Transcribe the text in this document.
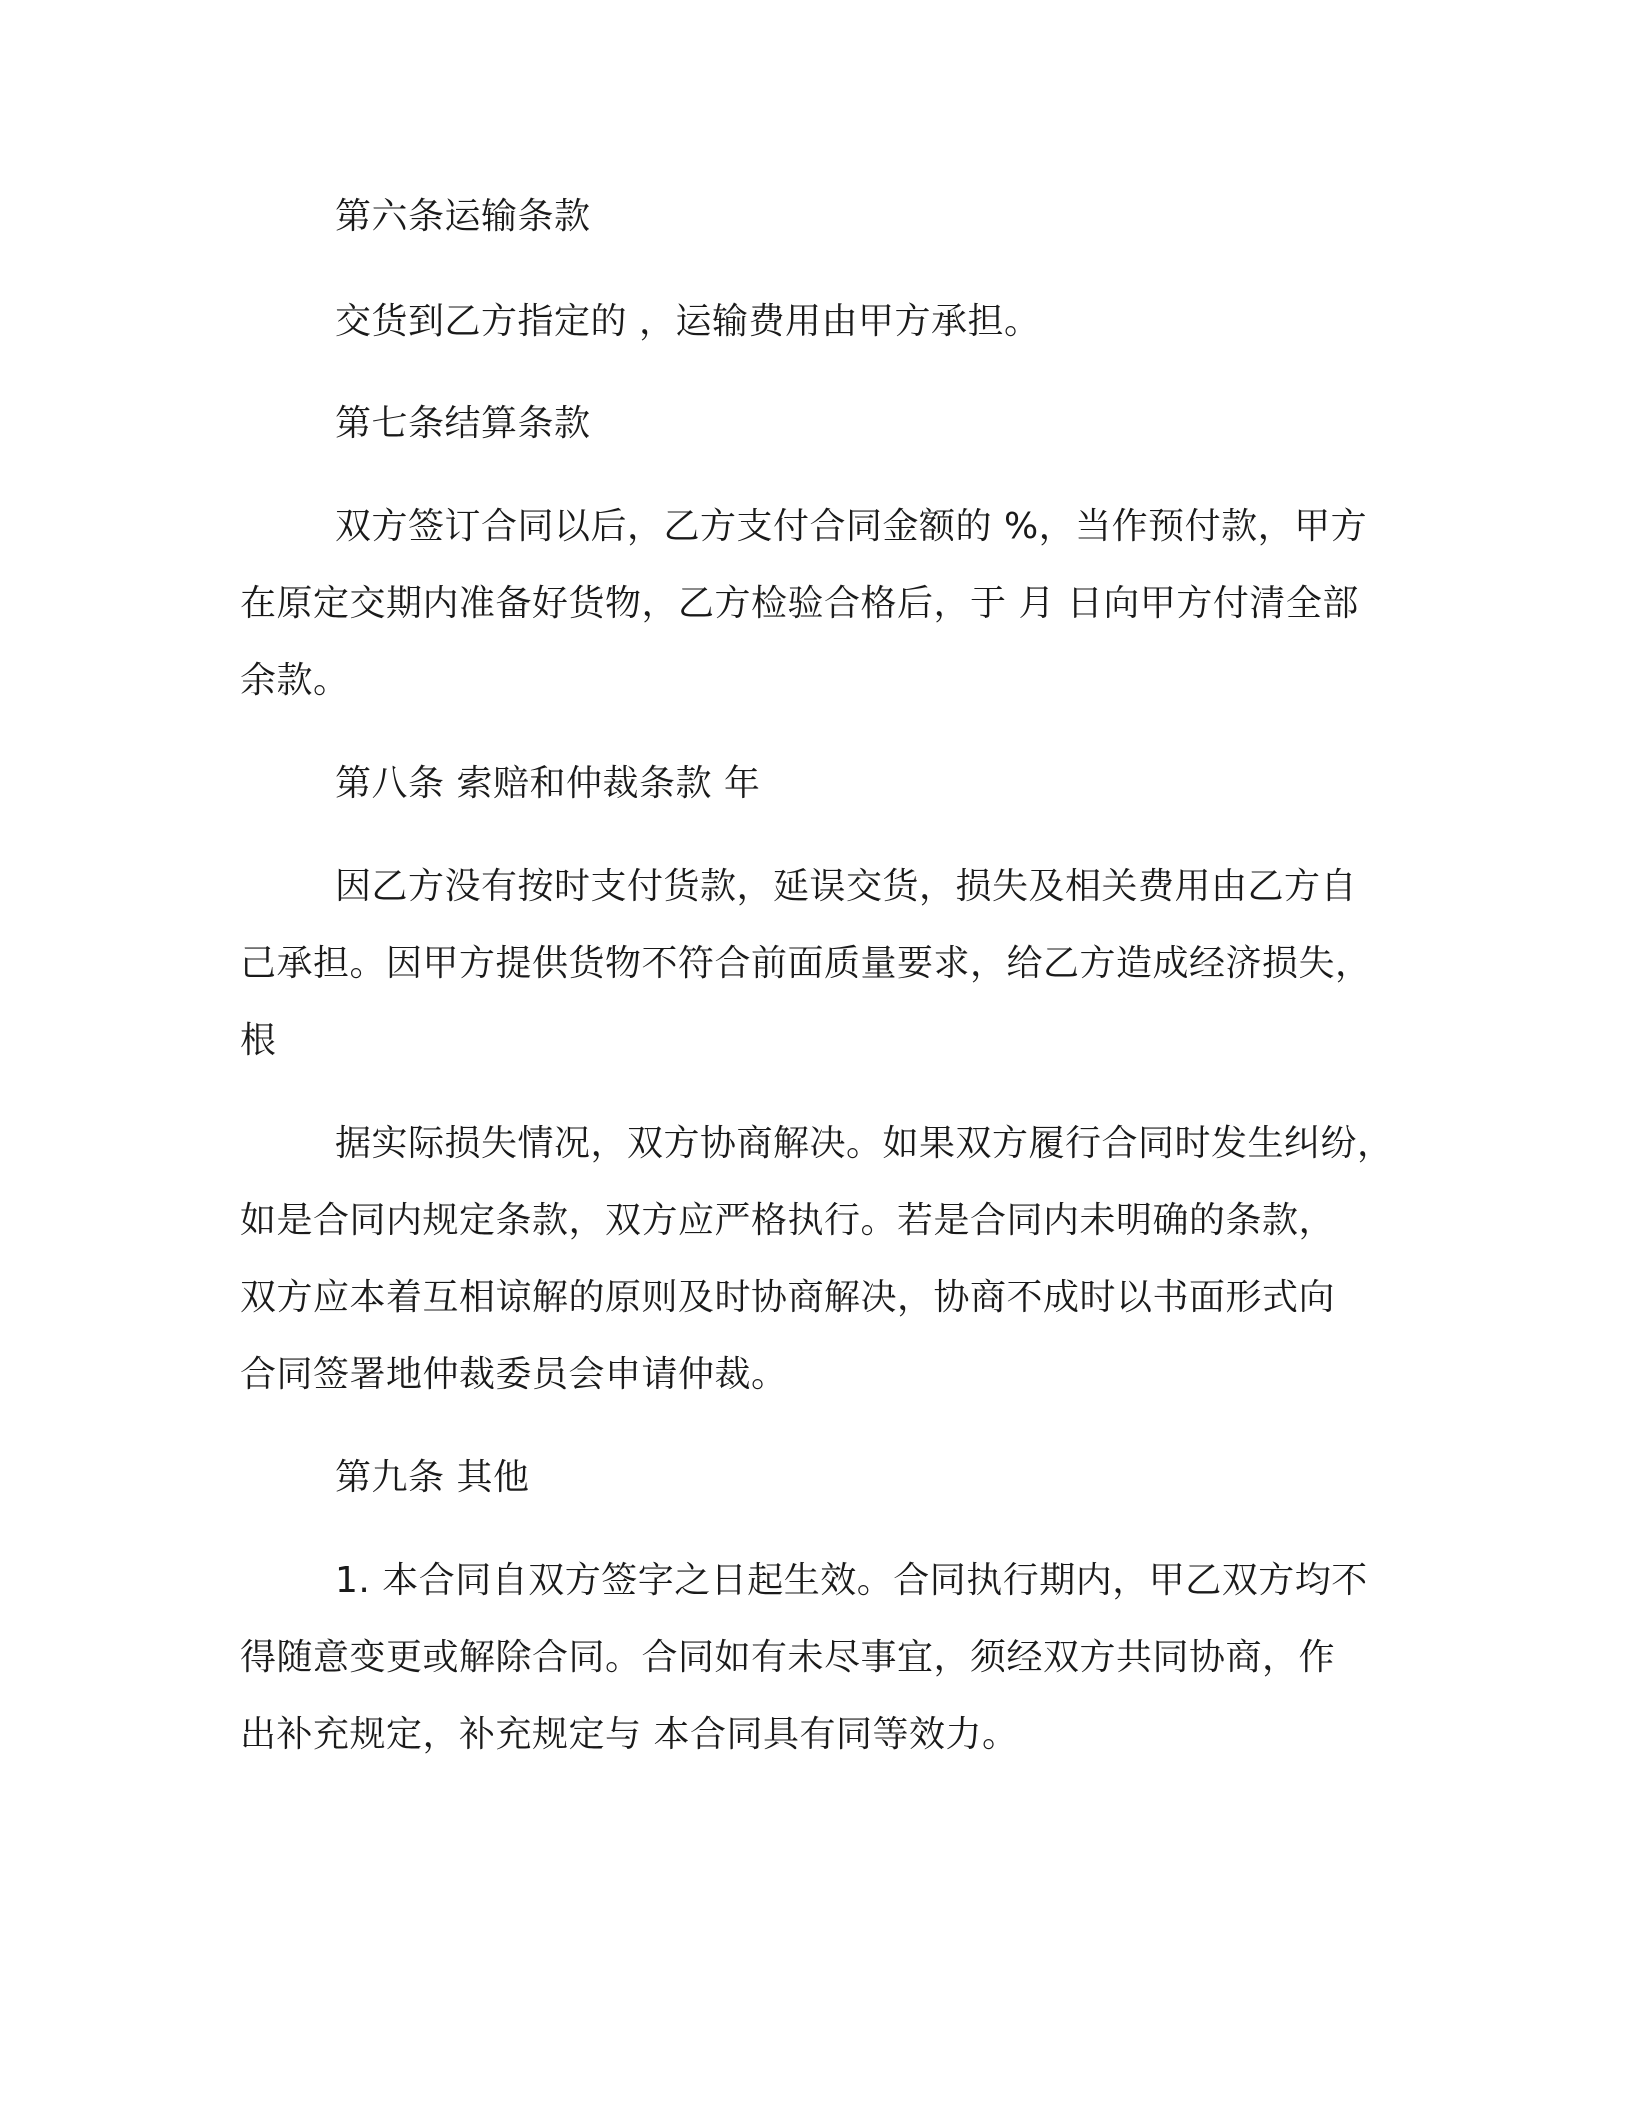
第六条运输条款
交货到乙方指定的 ，运输费用由甲方承担。
第七条结算条款
双方签订合同以后，乙方支付合同金额的 %，当作预付款，甲方
在原定交期内准备好货物，乙方检验合格后，于 月 日向甲方付清全部
余款。
第八条 索赔和仲裁条款 年
因乙方没有按时支付货款，延误交货，损失及相关费用由乙方自
己承担。因甲方提供货物不符合前面质量要求，给乙方造成经济损失，
根
据实际损失情况，双方协商解决。如果双方履行合同时发生纠纷，
如是合同内规定条款，双方应严格执行。若是合同内未明确的条款，
双方应本着互相谅解的原则及时协商解决，协商不成时以书面形式向
合同签署地仲裁委员会申请仲裁。
第九条 其他
1. 本合同自双方签字之日起生效。合同执行期内，甲乙双方均不
得随意变更或解除合同。合同如有未尽事宜，须经双方共同协商，作
出补充规定，补充规定与 本合同具有同等效力。
